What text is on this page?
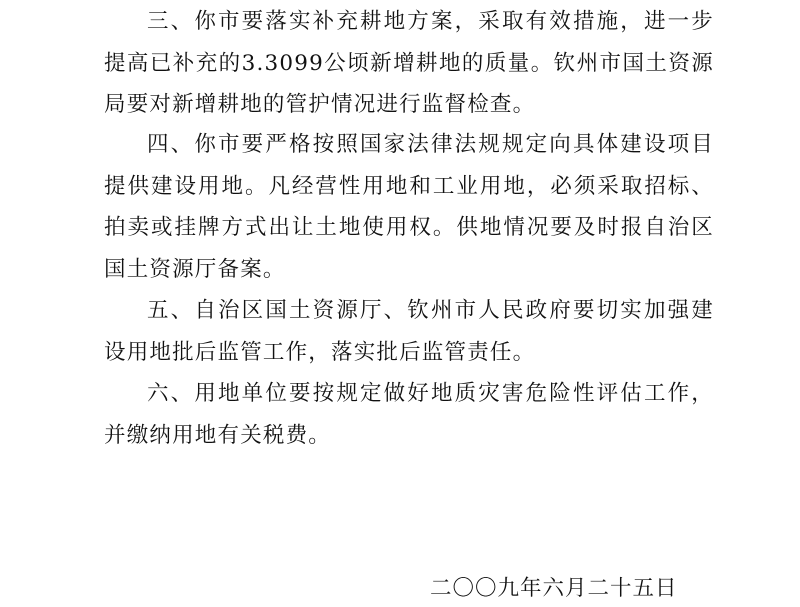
三、你市要落实补充耕地方案，采取有效措施，进一步提高已补充的3.3099公顷新增耕地的质量。钦州市国土资源局要对新增耕地的管护情况进行监督检查。

四、你市要严格按照国家法律法规规定向具体建设项目提供建设用地。凡经营性用地和工业用地，必须采取招标、拍卖或挂牌方式出让土地使用权。供地情况要及时报自治区国土资源厅备案。

五、自治区国土资源厅、钦州市人民政府要切实加强建设用地批后监管工作，落实批后监管责任。

六、用地单位要按规定做好地质灾害危险性评估工作，并缴纳用地有关税费。

二〇〇九年六月二十五日
